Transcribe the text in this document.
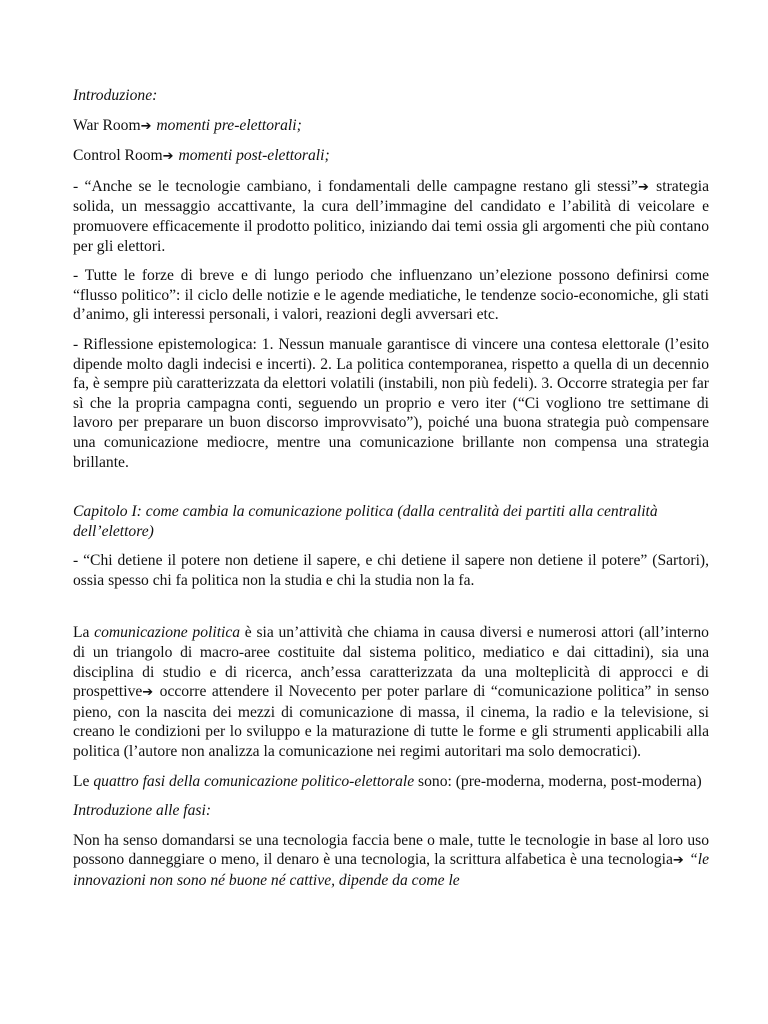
Introduzione:

War Room➔ momenti pre-elettorali;

Control Room➔ momenti post-elettorali;

- “Anche se le tecnologie cambiano, i fondamentali delle campagne restano gli stessi”➔ strategia solida, un messaggio accattivante, la cura dell’immagine del candidato e l’abilità di veicolare e promuovere efficacemente il prodotto politico, iniziando dai temi ossia gli argomenti che più contano per gli elettori.

- Tutte le forze di breve e di lungo periodo che influenzano un’elezione possono definirsi come “flusso politico”: il ciclo delle notizie e le agende mediatiche, le tendenze socio-economiche, gli stati d’animo, gli interessi personali, i valori, reazioni degli avversari etc.

- Riflessione epistemologica: 1. Nessun manuale garantisce di vincere una contesa elettorale (l’esito dipende molto dagli indecisi e incerti). 2. La politica contemporanea, rispetto a quella di un decennio fa, è sempre più caratterizzata da elettori volatili (instabili, non più fedeli). 3. Occorre strategia per far sì che la propria campagna conti, seguendo un proprio e vero iter (“Ci vogliono tre settimane di lavoro per preparare un buon discorso improvvisato”), poiché una buona strategia può compensare una comunicazione mediocre, mentre una comunicazione brillante non compensa una strategia brillante.

Capitolo I: come cambia la comunicazione politica (dalla centralità dei partiti alla centralità dell’elettore)

- “Chi detiene il potere non detiene il sapere, e chi detiene il sapere non detiene il potere” (Sartori), ossia spesso chi fa politica non la studia e chi la studia non la fa.

La comunicazione politica è sia un’attività che chiama in causa diversi e numerosi attori (all’interno di un triangolo di macro-aree costituite dal sistema politico, mediatico e dai cittadini), sia una disciplina di studio e di ricerca, anch’essa caratterizzata da una molteplicità di approcci e di prospettive➔ occorre attendere il Novecento per poter parlare di “comunicazione politica” in senso pieno, con la nascita dei mezzi di comunicazione di massa, il cinema, la radio e la televisione, si creano le condizioni per lo sviluppo e la maturazione di tutte le forme e gli strumenti applicabili alla politica (l’autore non analizza la comunicazione nei regimi autoritari ma solo democratici).

Le quattro fasi della comunicazione politico-elettorale sono: (pre-moderna, moderna, post-moderna)

Introduzione alle fasi:

Non ha senso domandarsi se una tecnologia faccia bene o male, tutte le tecnologie in base al loro uso possono danneggiare o meno, il denaro è una tecnologia, la scrittura alfabetica è una tecnologia➔ “le innovazioni non sono né buone né cattive, dipende da come le
